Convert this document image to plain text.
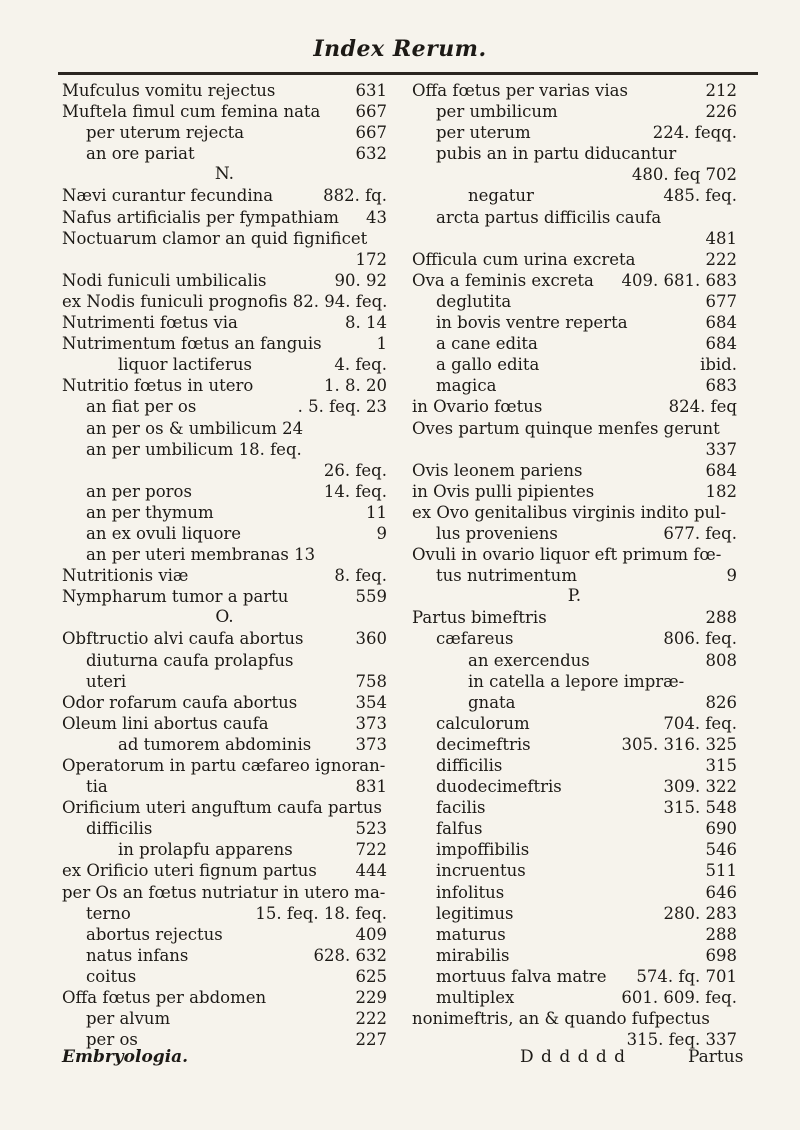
Index Rerum.
Mufculus vomitu rejectus	631
Muftela fimul cum femina nata 667
per uterum rejecta	667
an ore pariat	632
N.
Nævi curantur fecundina	882. fq.
Nafus artificialis per fympathiam 43
Noctuarum clamor an quid fignificet
172
Nodi funiculi umbilicalis	90. 92
ex Nodis funiculi prognofis 82. 94. feq.
Nutrimenti fœtus via	8. 14
Nutrimentum fœtus an fanguis	1
liquor lactiferus	4. feq.
Nutritio fœtus in utero	1. 8. 20
an fiat per os	. 5. feq. 23
an per os & umbilicum 24
an per umbilicum 18. feq.
26. feq.
an per poros	14. feq.
an per thymum	11
an ex ovuli liquore	9
an per uteri membranas 13
Nutritionis viæ	8. feq.
Nympharum tumor a partu	559
O.
Obftructio alvi caufa abortus	360
diuturna caufa prolapfus
uteri	758
Odor rofarum caufa abortus	354
Oleum lini abortus caufa	373
ad tumorem abdominis	373
Operatorum in partu cæfareo ignoran-
tia	831
Orificium uteri anguftum caufa partus
difficilis	523
in prolapfu apparens	722
ex Orificio uteri fignum partus 444
per Os an fœtus nutriatur in utero ma-
terno	15. feq. 18. feq.
abortus rejectus	409
natus infans	628. 632
coitus	625
Offa fœtus per abdomen	229
per alvum	222
per os	227
Offa fœtus per varias vias	212
per umbilicum	226
per uterum	224. feqq.
pubis an in partu diducantur
480. feq 702
negatur	485. feq.
arcta partus difficilis caufa
481
Officula cum urina excreta	222
Ova a feminis excreta 409. 681. 683
deglutita	677
in bovis ventre reperta	684
a cane edita	684
a gallo edita	ibid.
magica	683
in Ovario fœtus	824. feq
Oves partum quinque menfes gerunt
337
Ovis leonem pariens	684
in Ovis pulli pipientes	182
ex Ovo genitalibus virginis indito pul-
lus proveniens	677. feq.
Ovuli in ovario liquor eft primum fœ-
tus nutrimentum	9
P.
Partus bimeftris	288
cæfareus	806. feq.
an exercendus	808
in catella a lepore impræ-
gnata	826
calculorum	704. feq.
decimeftris	305. 316. 325
difficilis	315
duodecimeftris	309. 322
facilis	315. 548
falfus	690
impoffibilis	546
incruentus	511
infolitus	646
legitimus	280. 283
maturus	288
mirabilis	698
mortuus falva matre 574. fq. 701
multiplex	601. 609. feq.
nonimeftris, an & quando fufpectus
315. feq. 337
Embryologia.	D d d d d d	Partus
